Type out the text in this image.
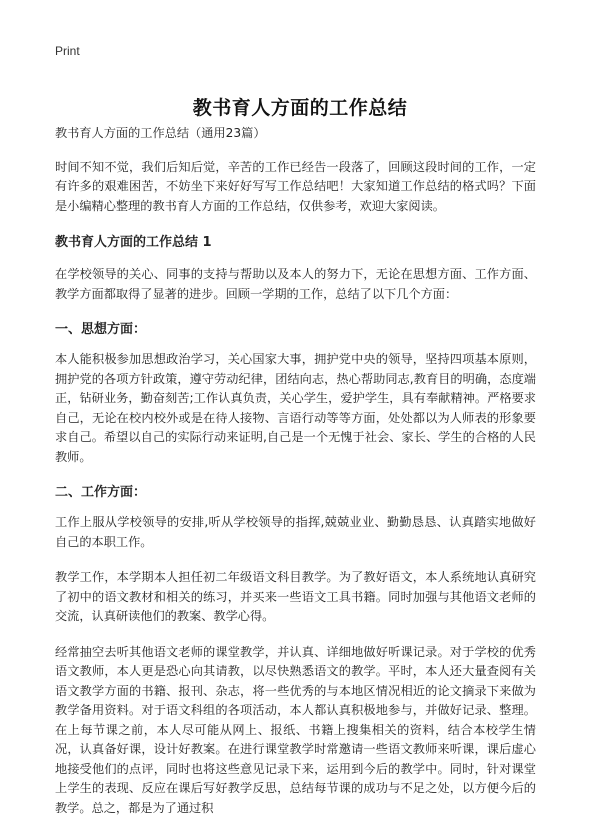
Print
教书育人方面的工作总结

教书育人方面的工作总结（通用23篇）

时间不知不觉，我们后知后觉，辛苦的工作已经告一段落了，回顾这段时间的工作，一定有许多的艰难困苦，不妨坐下来好好写写工作总结吧！大家知道工作总结的格式吗？下面是小编精心整理的教书育人方面的工作总结，仅供参考，欢迎大家阅读。

教书育人方面的工作总结 1

在学校领导的关心、同事的支持与帮助以及本人的努力下，无论在思想方面、工作方面、教学方面都取得了显著的进步。回顾一学期的工作，总结了以下几个方面：

一、思想方面：

本人能积极参加思想政治学习，关心国家大事，拥护党中央的领导，坚持四项基本原则，拥护党的各项方针政策，遵守劳动纪律，团结向志，热心帮助同志,教育目的明确，态度端正，钻研业务，勤奋刻苦;工作认真负责，关心学生，爱护学生，具有奉献精神。严格要求自己，无论在校内校外或是在待人接物、言语行动等等方面，处处都以为人师表的形象要求自己。希望以自己的实际行动来证明,自己是一个无愧于社会、家长、学生的合格的人民教师。

二、工作方面：

工作上服从学校领导的安排,听从学校领导的指挥,兢兢业业、勤勤恳恳、认真踏实地做好自己的本职工作。

教学工作，本学期本人担任初二年级语文科目教学。为了教好语文，本人系统地认真研究了初中的语文教材和相关的练习，并买来一些语文工具书籍。同时加强与其他语文老师的交流，认真研读他们的教案、教学心得。

经常抽空去听其他语文老师的课堂教学，并认真、详细地做好听课记录。对于学校的优秀语文教师，本人更是恐心向其请教，以尽快熟悉语文的教学。平时，本人还大量查阅有关语文教学方面的书籍、报刊、杂志，将一些优秀的与本地区情况相近的论文摘录下来做为教学备用资料。对于语文科组的各项活动，本人都认真积极地参与，并做好记录、整理。在上每节课之前，本人尽可能从网上、报纸、书籍上搜集相关的资料，结合本校学生情况，认真备好课，设计好教案。在进行课堂教学时常邀请一些语文教师来听课，课后虚心地接受他们的点评，同时也将这些意见记录下来，运用到今后的教学中。同时，针对课堂上学生的表现、反应在课后写好教学反思，总结每节课的成功与不足之处，以方便今后的教学。总之，都是为了通过积
